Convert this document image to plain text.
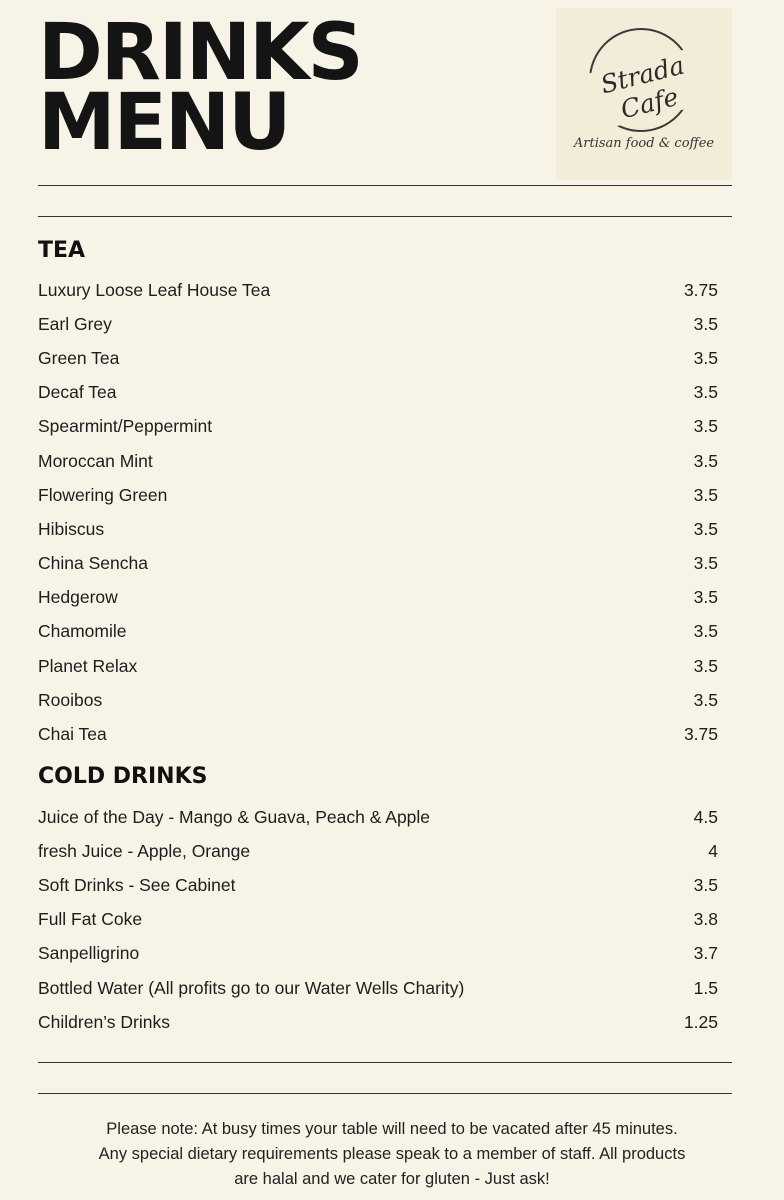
DRINKS
MENU
Strada Cafe
Artisan food & coffee
TEA
Luxury Loose Leaf House Tea	3.75
Earl Grey	3.5
Green Tea	3.5
Decaf Tea	3.5
Spearmint/Peppermint	3.5
Moroccan Mint	3.5
Flowering Green	3.5
Hibiscus	3.5
China Sencha	3.5
Hedgerow	3.5
Chamomile	3.5
Planet Relax	3.5
Rooibos	3.5
Chai Tea	3.75
COLD DRINKS
Juice of the Day - Mango & Guava, Peach & Apple	4.5
fresh Juice - Apple, Orange	4
Soft Drinks - See Cabinet	3.5
Full Fat Coke	3.8
Sanpelligrino	3.7
Bottled Water (All profits go to our Water Wells Charity)	1.5
Children’s Drinks	1.25

Please note: At busy times your table will need to be vacated after 45 minutes.
Any special dietary requirements please speak to a member of staff. All products
are halal and we cater for gluten - Just ask!
